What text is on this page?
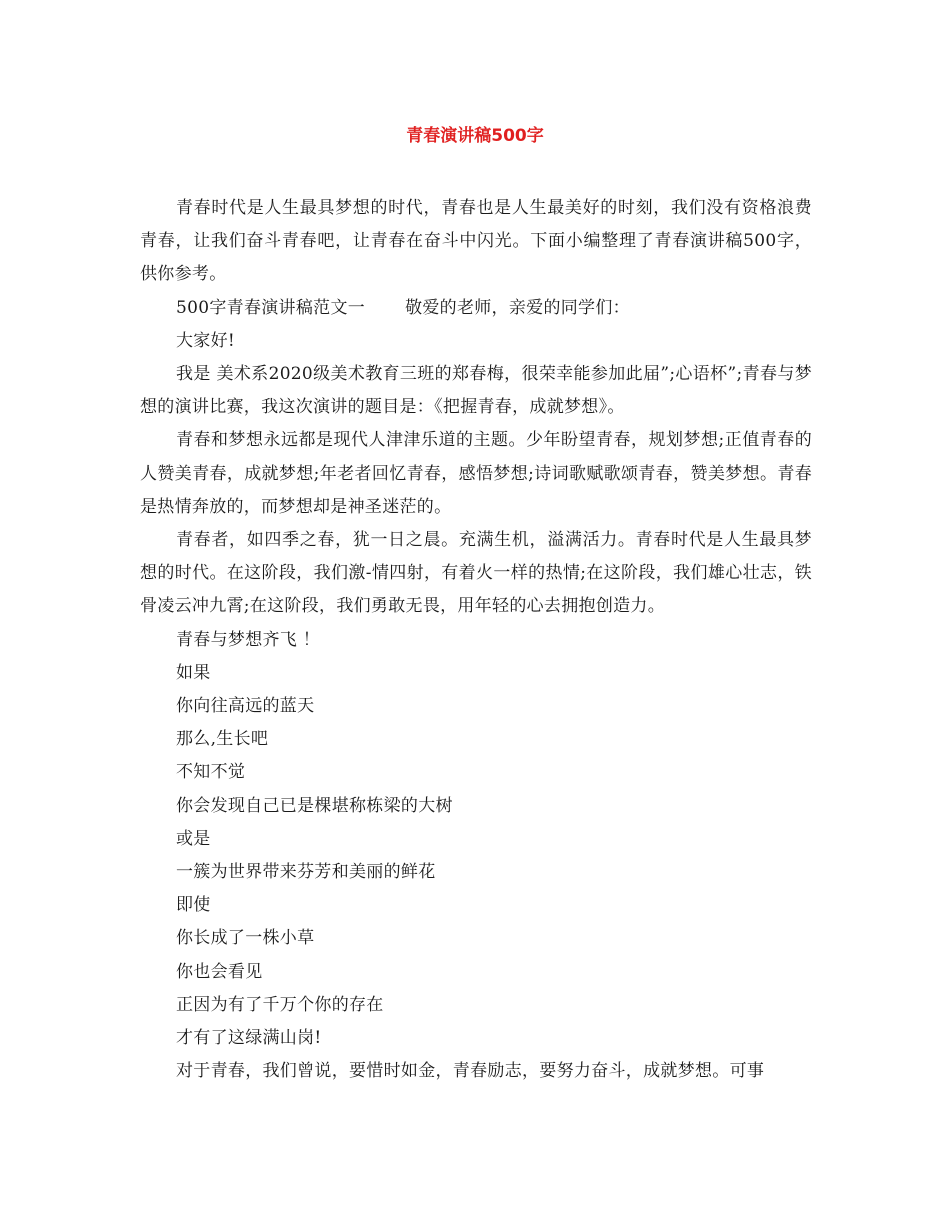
青春演讲稿500字

青春时代是人生最具梦想的时代，青春也是人生最美好的时刻，我们没有资格浪费青春，让我们奋斗青春吧，让青春在奋斗中闪光。下面小编整理了青春演讲稿500字，供你参考。

500字青春演讲稿范文一 敬爱的老师，亲爱的同学们：

大家好!

我是 美术系2020级美术教育三班的郑春梅，很荣幸能参加此届”;心语杯”;青春与梦想的演讲比赛，我这次演讲的题目是：《把握青春，成就梦想》。

青春和梦想永远都是现代人津津乐道的主题。少年盼望青春，规划梦想;正值青春的人赞美青春，成就梦想;年老者回忆青春，感悟梦想;诗词歌赋歌颂青春，赞美梦想。青春是热情奔放的，而梦想却是神圣迷茫的。

青春者，如四季之春，犹一日之晨。充满生机，溢满活力。青春时代是人生最具梦想的时代。在这阶段，我们激-情四射，有着火一样的热情;在这阶段，我们雄心壮志，铁骨凌云冲九霄;在这阶段，我们勇敢无畏，用年轻的心去拥抱创造力。

青春与梦想齐飞 ！

如果

你向往高远的蓝天

那么,生长吧

不知不觉

你会发现自己已是棵堪称栋梁的大树

或是

一簇为世界带来芬芳和美丽的鲜花

即使

你长成了一株小草

你也会看见

正因为有了千万个你的存在

才有了这绿满山岗!

对于青春，我们曾说，要惜时如金，青春励志，要努力奋斗，成就梦想。可事
